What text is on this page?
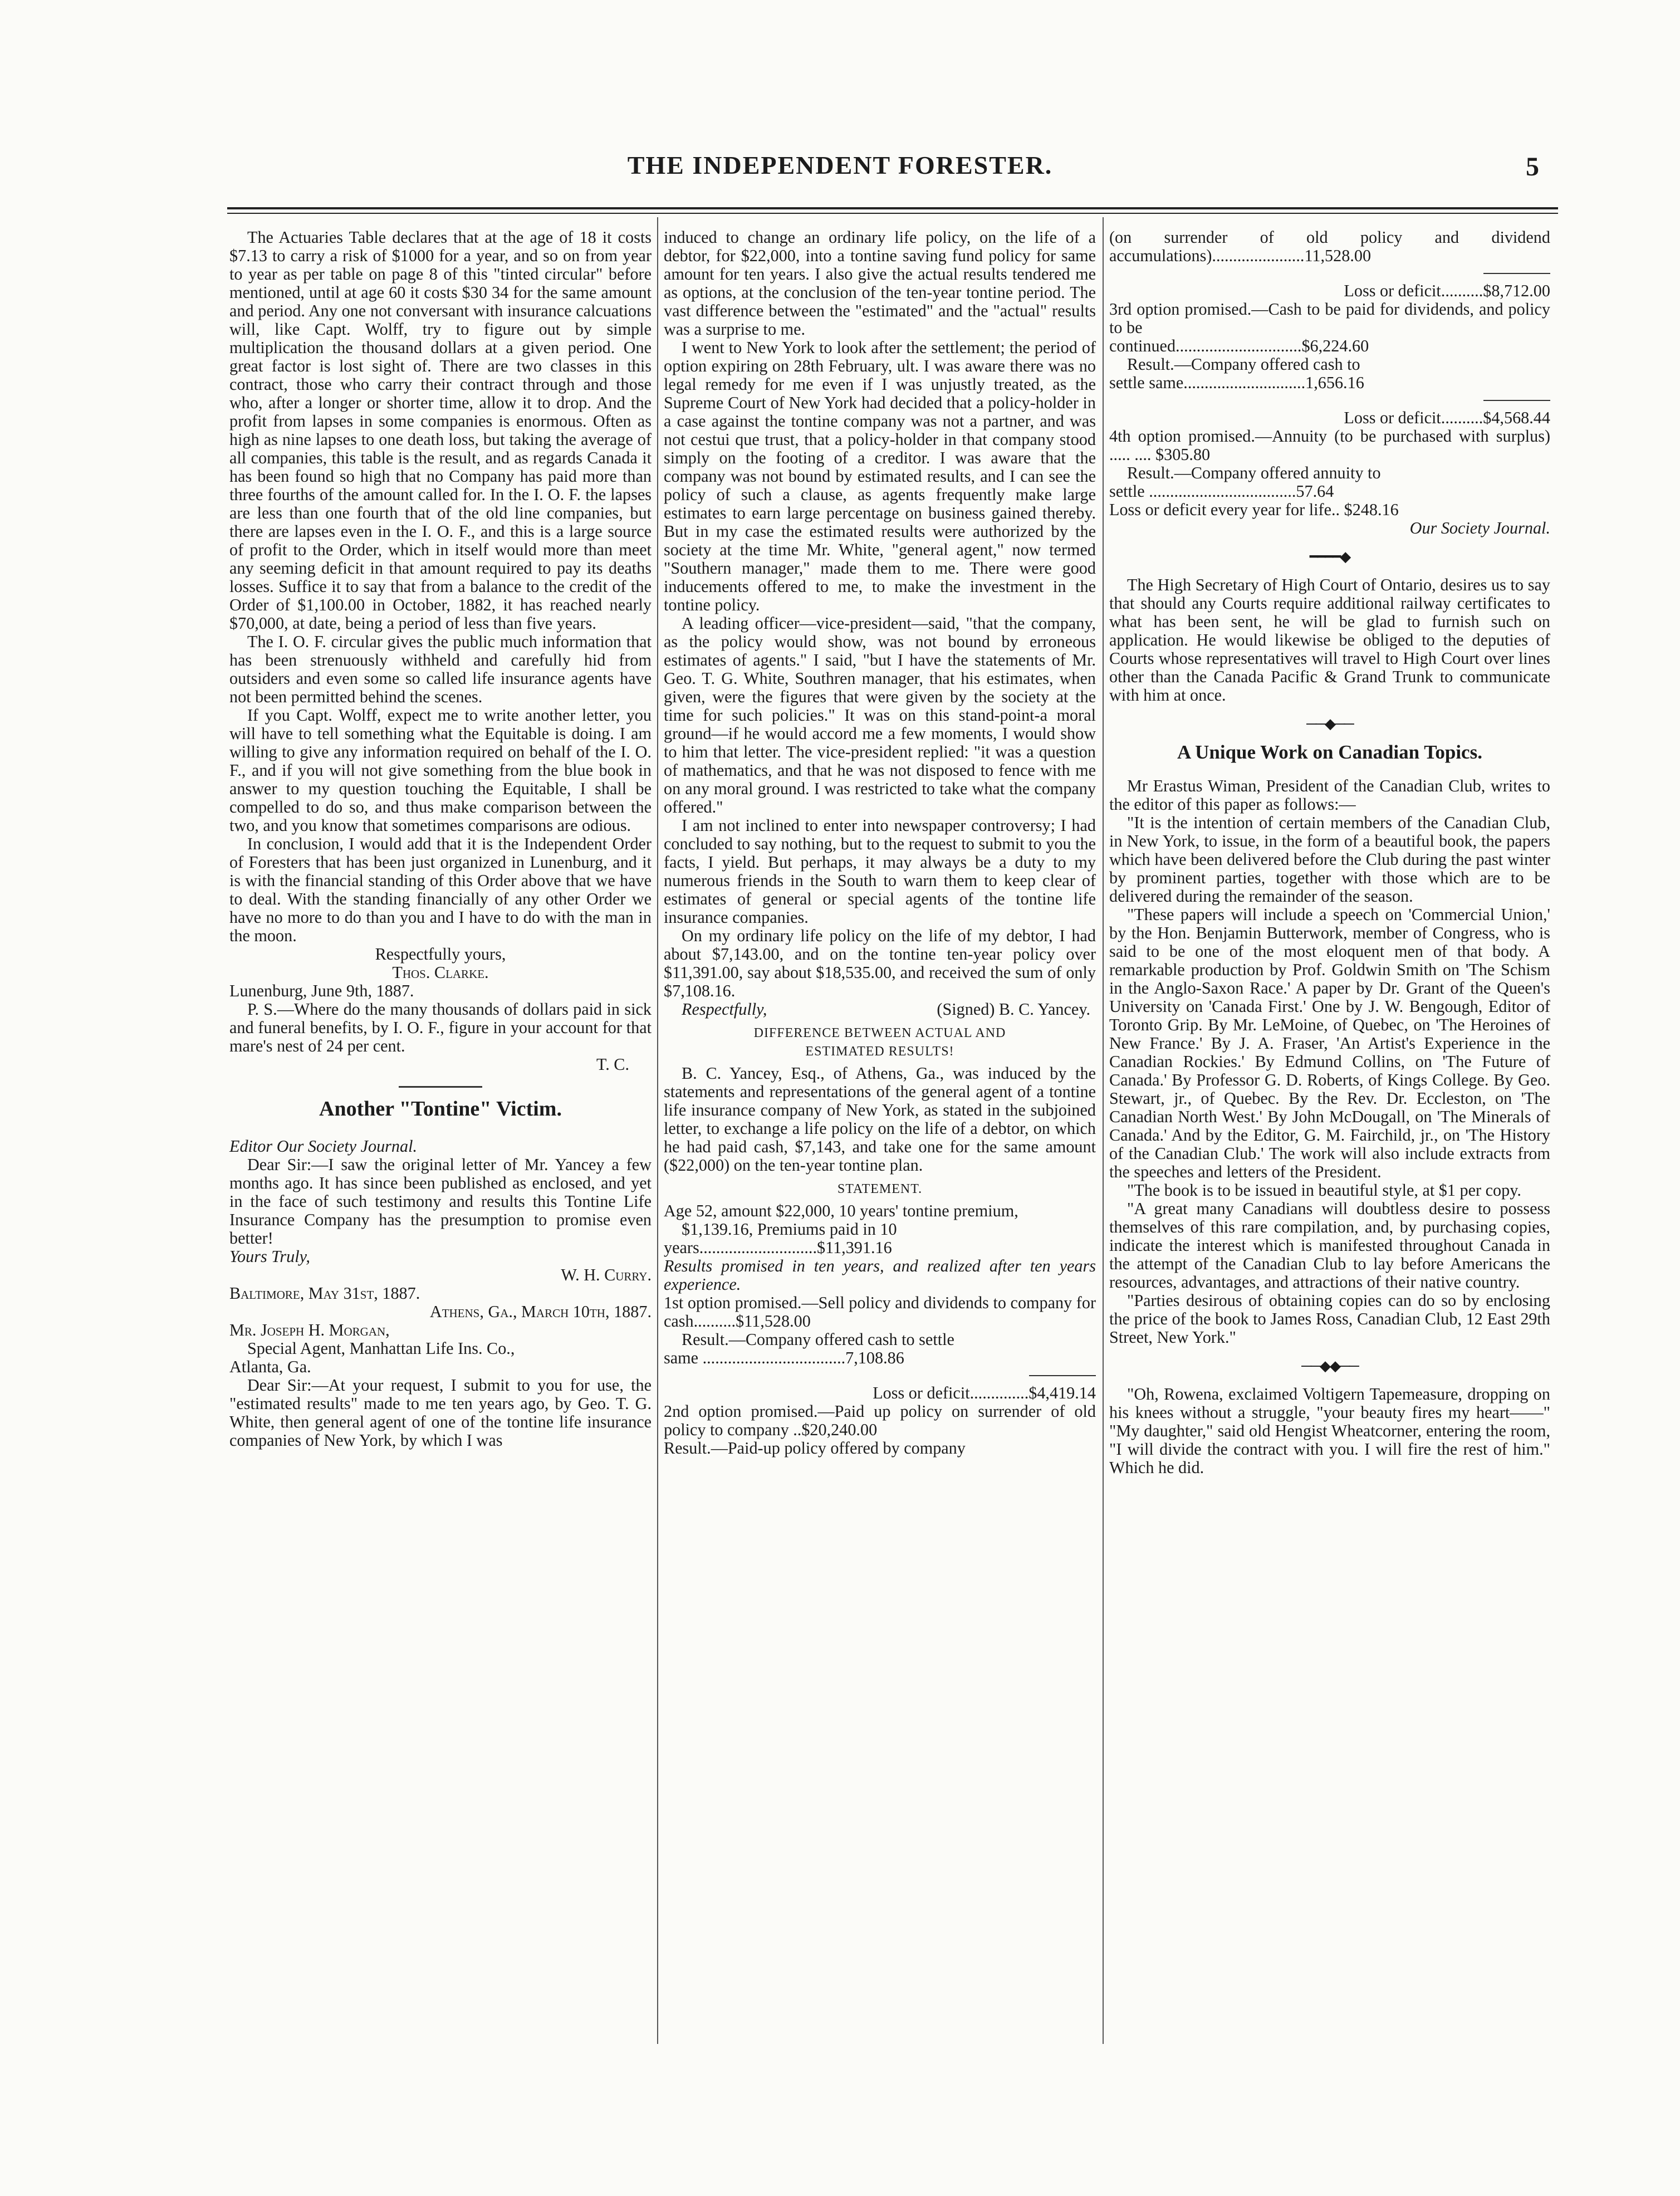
THE INDEPENDENT FORESTER.	5

The Actuaries Table declares that at the age of 18 it costs $7.13 to carry a risk of $1000 for a year, and so on from year to year as per table on page 8 of this "tinted circular" before mentioned, until at age 60 it costs $30 34 for the same amount and period. Any one not conversant with insurance calcuations will, like Capt. Wolff, try to figure out by simple multiplication the thousand dollars at a given period. One great factor is lost sight of. There are two classes in this contract, those who carry their contract through and those who, after a longer or shorter time, allow it to drop. And the profit from lapses in some companies is enormous. Often as high as nine lapses to one death loss, but taking the average of all companies, this table is the result, and as regards Canada it has been found so high that no Company has paid more than three fourths of the amount called for. In the I. O. F. the lapses are less than one fourth that of the old line companies, but there are lapses even in the I. O. F., and this is a large source of profit to the Order, which in itself would more than meet any seeming deficit in that amount required to pay its deaths losses. Suffice it to say that from a balance to the credit of the Order of $1,100.00 in October, 1882, it has reached nearly $70,000, at date, being a period of less than five years.

The I. O. F. circular gives the public much information that has been strenuously withheld and carefully hid from outsiders and even some so called life insurance agents have not been permitted behind the scenes.

If you Capt. Wolff, expect me to write another letter, you will have to tell something what the Equitable is doing. I am willing to give any information required on behalf of the I. O. F., and if you will not give something from the blue book in answer to my question touching the Equitable, I shall be compelled to do so, and thus make comparison between the two, and you know that sometimes comparisons are odious.

In conclusion, I would add that it is the Independent Order of Foresters that has been just organized in Lunenburg, and it is with the financial standing of this Order above that we have to deal. With the standing financially of any other Order we have no more to do than you and I have to do with the man in the moon.

Respectfully yours,

Thos. Clarke.

Lunenburg, June 9th, 1887.

P. S.—Where do the many thousands of dollars paid in sick and funeral benefits, by I. O. F., figure in your account for that mare's nest of 24 per cent.

T. C.

Another "Tontine" Victim.

Editor Our Society Journal.

Dear Sir:—I saw the original letter of Mr. Yancey a few months ago. It has since been published as enclosed, and yet in the face of such testimony and results this Tontine Life Insurance Company has the presumption to promise even better!

Yours Truly,

W. H. Curry.

Baltimore, May 31st, 1887.

Athens, Ga., March 10th, 1887.

Mr. Joseph H. Morgan,

Special Agent, Manhattan Life Ins. Co.,

Atlanta, Ga.

Dear Sir:—At your request, I submit to you for use, the "estimated results" made to me ten years ago, by Geo. T. G. White, then general agent of one of the tontine life insurance companies of New York, by which I was

induced to change an ordinary life policy, on the life of a debtor, for $22,000, into a tontine saving fund policy for same amount for ten years. I also give the actual results tendered me as options, at the conclusion of the ten-year tontine period. The vast difference between the "estimated" and the "actual" results was a surprise to me.

I went to New York to look after the settlement; the period of option expiring on 28th February, ult. I was aware there was no legal remedy for me even if I was unjustly treated, as the Supreme Court of New York had decided that a policy-holder in a case against the tontine company was not a partner, and was not cestui que trust, that a policy-holder in that company stood simply on the footing of a creditor. I was aware that the company was not bound by estimated results, and I can see the policy of such a clause, as agents frequently make large estimates to earn large percentage on business gained thereby. But in my case the estimated results were authorized by the society at the time Mr. White, "general agent," now termed "Southern manager," made them to me. There were good inducements offered to me, to make the investment in the tontine policy.

A leading officer—vice-president—said, "that the company, as the policy would show, was not bound by erroneous estimates of agents." I said, "but I have the statements of Mr. Geo. T. G. White, Southren manager, that his estimates, when given, were the figures that were given by the society at the time for such policies." It was on this stand-point-a moral ground—if he would accord me a few moments, I would show to him that letter. The vice-president replied: "it was a question of mathematics, and that he was not disposed to fence with me on any moral ground. I was restricted to take what the company offered."

I am not inclined to enter into newspaper controversy; I had concluded to say nothing, but to the request to submit to you the facts, I yield. But perhaps, it may always be a duty to my numerous friends in the South to warn them to keep clear of estimates of general or special agents of the tontine life insurance companies.

On my ordinary life policy on the life of my debtor, I had about $7,143.00, and on the tontine ten-year policy over $11,391.00, say about $18,535.00, and received the sum of only $7,108.16.

Respectfully,	(Signed) B. C. Yancey.

DIFFERENCE BETWEEN ACTUAL AND

ESTIMATED RESULTS!

B. C. Yancey, Esq., of Athens, Ga., was induced by the statements and representations of the general agent of a tontine life insurance company of New York, as stated in the subjoined letter, to exchange a life policy on the life of a debtor, on which he had paid cash, $7,143, and take one for the same amount ($22,000) on the ten-year tontine plan.

STATEMENT.

Age 52, amount $22,000, 10 years' tontine premium,

$1,139.16, Premiums paid in 10

years............................$11,391.16

Results promised in ten years, and realized after ten years experience.

1st option promised.—Sell policy and dividends to company for cash..........$11,528.00

Result.—Company offered cash to settle

same ..................................7,108.86

Loss or deficit..............$4,419.14

2nd option promised.—Paid up policy on surrender of old policy to company ..$20,240.00

Result.—Paid-up policy offered by company

(on surrender of old policy and dividend accumulations)......................11,528.00

Loss or deficit..........$8,712.00

3rd option promised.—Cash to be paid for dividends, and policy to be

continued..............................$6,224.60

Result.—Company offered cash to

settle same.............................1,656.16

Loss or deficit..........$4,568.44

4th option promised.—Annuity (to be purchased with surplus) ..... .... $305.80

Result.—Company offered annuity to

settle ...................................57.64

Loss or deficit every year for life.. $248.16

Our Society Journal.

━━━━◆

The High Secretary of High Court of Ontario, desires us to say that should any Courts require additional railway certificates to what has been sent, he will be glad to furnish such on application. He would likewise be obliged to the deputies of Courts whose representatives will travel to High Court over lines other than the Canada Pacific & Grand Trunk to communicate with him at once.

──◆──

A Unique Work on Canadian Topics.

Mr Erastus Wiman, President of the Canadian Club, writes to the editor of this paper as follows:—

"It is the intention of certain members of the Canadian Club, in New York, to issue, in the form of a beautiful book, the papers which have been delivered before the Club during the past winter by prominent parties, together with those which are to be delivered during the remainder of the season.

"These papers will include a speech on 'Commercial Union,' by the Hon. Benjamin Butterwork, member of Congress, who is said to be one of the most eloquent men of that body. A remarkable production by Prof. Goldwin Smith on 'The Schism in the Anglo-Saxon Race.' A paper by Dr. Grant of the Queen's University on 'Canada First.' One by J. W. Bengough, Editor of Toronto Grip. By Mr. LeMoine, of Quebec, on 'The Heroines of New France.' By J. A. Fraser, 'An Artist's Experience in the Canadian Rockies.' By Edmund Collins, on 'The Future of Canada.' By Professor G. D. Roberts, of Kings College. By Geo. Stewart, jr., of Quebec. By the Rev. Dr. Eccleston, on 'The Canadian North West.' By John McDougall, on 'The Minerals of Canada.' And by the Editor, G. M. Fairchild, jr., on 'The History of the Canadian Club.' The work will also include extracts from the speeches and letters of the President.

"The book is to be issued in beautiful style, at $1 per copy.

"A great many Canadians will doubtless desire to possess themselves of this rare compilation, and, by purchasing copies, indicate the interest which is manifested throughout Canada in the attempt of the Canadian Club to lay before Americans the resources, advantages, and attractions of their native country.

"Parties desirous of obtaining copies can do so by enclosing the price of the book to James Ross, Canadian Club, 12 East 29th Street, New York."

──◆◆──

"Oh, Rowena, exclaimed Voltigern Tapemeasure, dropping on his knees without a struggle, "your beauty fires my heart——" "My daughter," said old Hengist Wheatcorner, entering the room, "I will divide the contract with you. I will fire the rest of him." Which he did.
